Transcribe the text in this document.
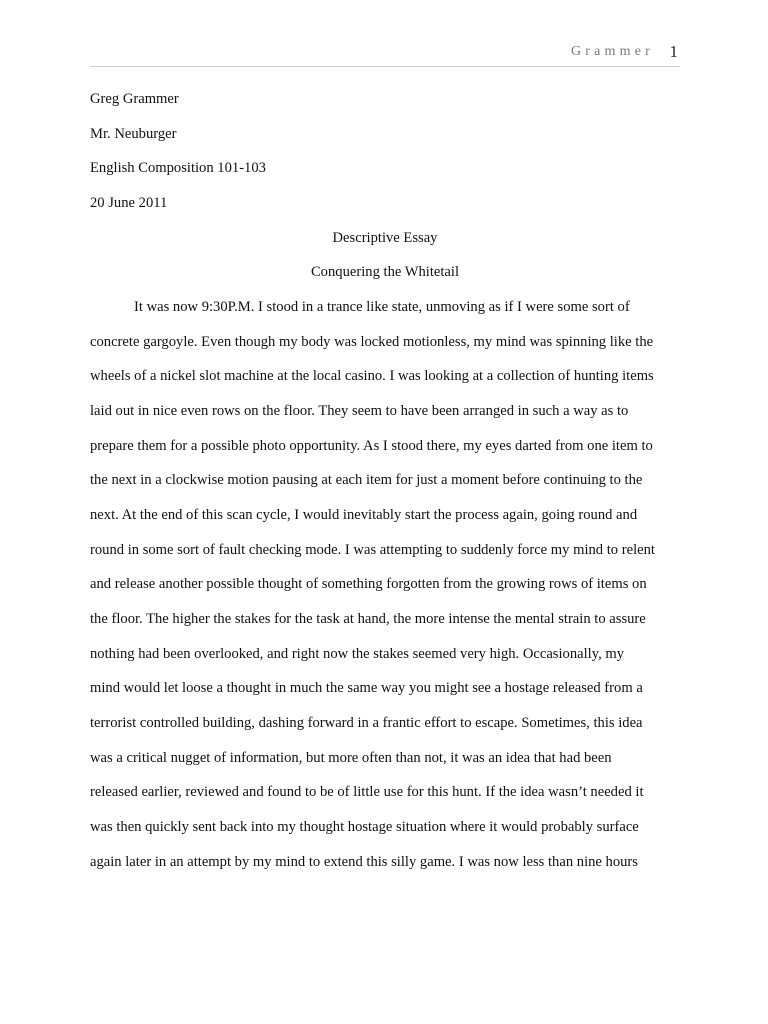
Grammer 1
Greg Grammer
Mr. Neuburger
English Composition 101-103
20 June 2011
Descriptive Essay
Conquering the Whitetail
It was now 9:30P.M. I stood in a trance like state, unmoving as if I were some sort of
concrete gargoyle. Even though my body was locked motionless, my mind was spinning like the
wheels of a nickel slot machine at the local casino. I was looking at a collection of hunting items
laid out in nice even rows on the floor. They seem to have been arranged in such a way as to
prepare them for a possible photo opportunity. As I stood there, my eyes darted from one item to
the next in a clockwise motion pausing at each item for just a moment before continuing to the
next. At the end of this scan cycle, I would inevitably start the process again, going round and
round in some sort of fault checking mode. I was attempting to suddenly force my mind to relent
and release another possible thought of something forgotten from the growing rows of items on
the floor. The higher the stakes for the task at hand, the more intense the mental strain to assure
nothing had been overlooked, and right now the stakes seemed very high. Occasionally, my
mind would let loose a thought in much the same way you might see a hostage released from a
terrorist controlled building, dashing forward in a frantic effort to escape. Sometimes, this idea
was a critical nugget of information, but more often than not, it was an idea that had been
released earlier, reviewed and found to be of little use for this hunt. If the idea wasn’t needed it
was then quickly sent back into my thought hostage situation where it would probably surface
again later in an attempt by my mind to extend this silly game. I was now less than nine hours
